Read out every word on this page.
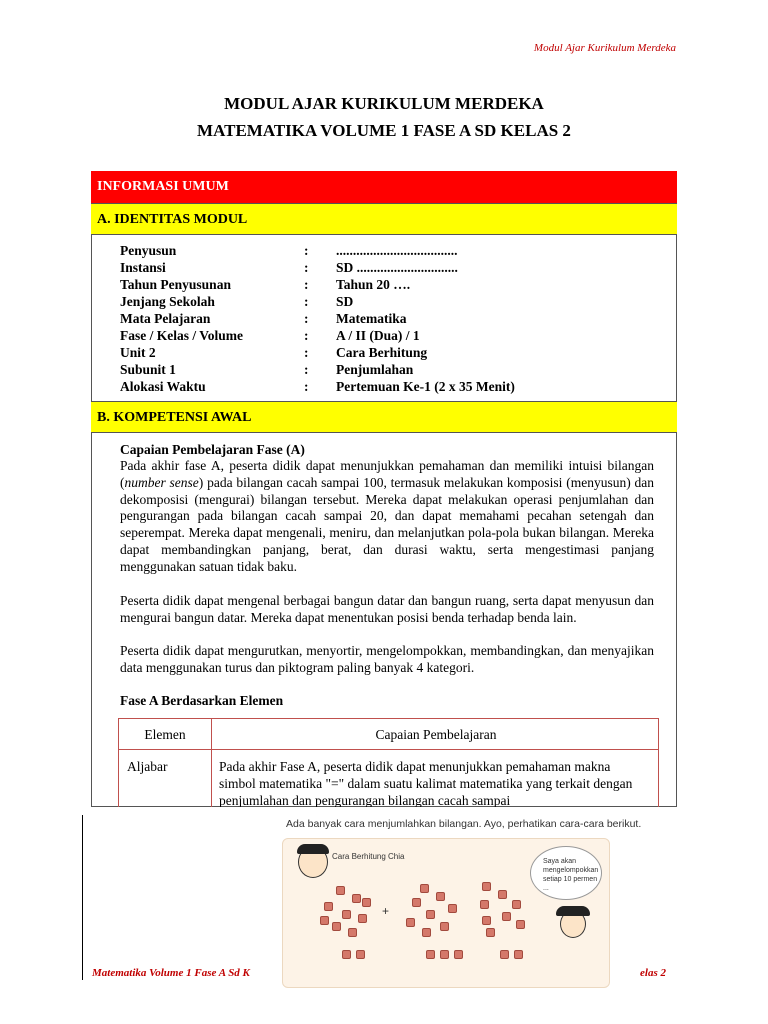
Modul Ajar Kurikulum Merdeka
MODUL AJAR KURIKULUM MERDEKA
MATEMATIKA VOLUME 1 FASE A SD KELAS 2
INFORMASI UMUM
A. IDENTITAS MODUL
Penyusun	: ....................................
Instansi	: SD ..............................
Tahun Penyusunan	: Tahun 20 ….
Jenjang Sekolah	: SD
Mata Pelajaran	: Matematika
Fase / Kelas / Volume	: A / II (Dua) / 1
Unit 2	: Cara Berhitung
Subunit 1	: Penjumlahan
Alokasi Waktu	: Pertemuan Ke-1 (2 x 35 Menit)
B. KOMPETENSI AWAL
Capaian Pembelajaran Fase (A)
Pada akhir fase A, peserta didik dapat menunjukkan pemahaman dan memiliki intuisi bilangan (number sense) pada bilangan cacah sampai 100, termasuk melakukan komposisi (menyusun) dan dekomposisi (mengurai) bilangan tersebut. Mereka dapat melakukan operasi penjumlahan dan pengurangan pada bilangan cacah sampai 20, dan dapat memahami pecahan setengah dan seperempat. Mereka dapat mengenali, meniru, dan melanjutkan pola-pola bukan bilangan. Mereka dapat membandingkan panjang, berat, dan durasi waktu, serta mengestimasi panjang menggunakan satuan tidak baku.
Peserta didik dapat mengenal berbagai bangun datar dan bangun ruang, serta dapat menyusun dan mengurai bangun datar. Mereka dapat menentukan posisi benda terhadap benda lain.
Peserta didik dapat mengurutkan, menyortir, mengelompokkan, membandingkan, dan menyajikan data menggunakan turus dan piktogram paling banyak 4 kategori.
Fase A Berdasarkan Elemen
Elemen	Capaian Pembelajaran
Aljabar	Pada akhir Fase A, peserta didik dapat menunjukkan pemahaman makna simbol matematika "=" dalam suatu kalimat matematika yang terkait dengan penjumlahan dan pengurangan bilangan cacah sampai
Ada banyak cara menjumlahkan bilangan. Ayo, perhatikan cara-cara berikut.
Cara Berhitung Chia
Saya akan mengelompokkan setiap 10 permen ...
+
Matematika Volume 1 Fase A Sd K	elas 2
